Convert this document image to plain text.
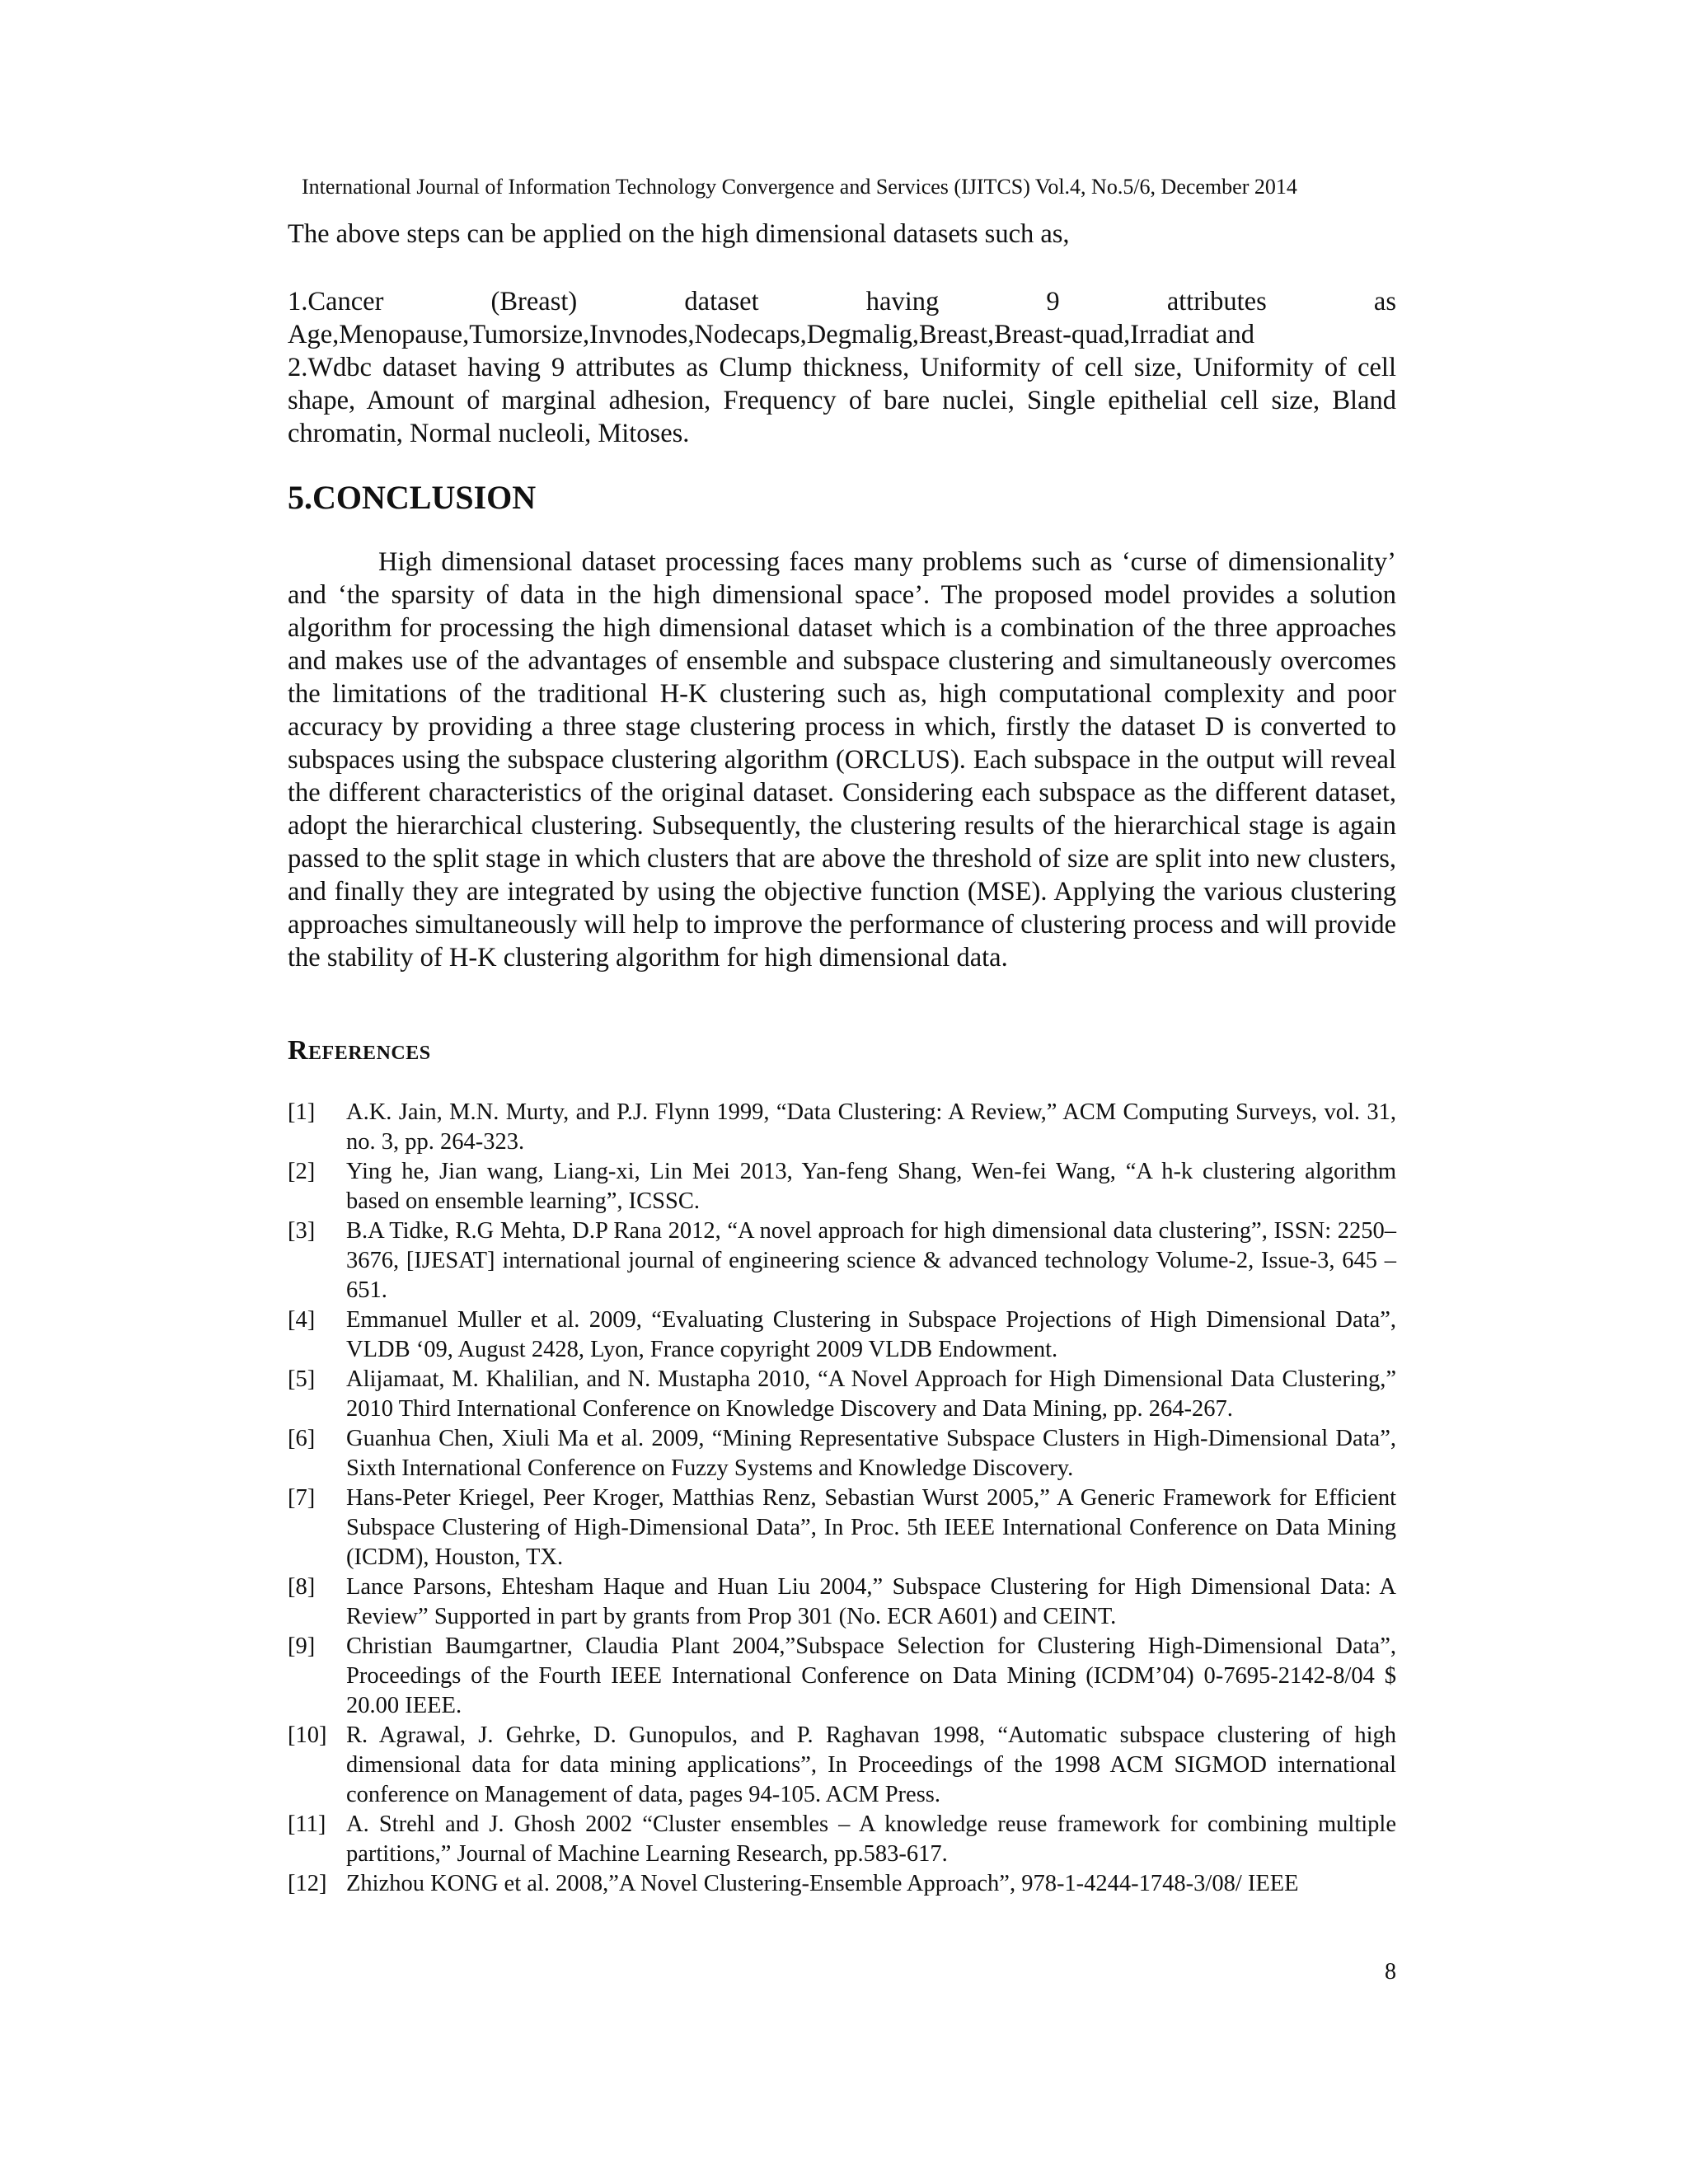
International Journal of Information Technology Convergence and Services (IJITCS) Vol.4, No.5/6, December 2014
The above steps can be applied on the high dimensional datasets such as,
1.Cancer (Breast) dataset having 9 attributes as
Age,Menopause,Tumorsize,Invnodes,Nodecaps,Degmalig,Breast,Breast-quad,Irradiat and
2.Wdbc dataset having 9 attributes as Clump thickness, Uniformity of cell size, Uniformity of cell shape, Amount of marginal adhesion, Frequency of bare nuclei, Single epithelial cell size, Bland chromatin, Normal nucleoli, Mitoses.
5.CONCLUSION
High dimensional dataset processing faces many problems such as ‘curse of dimensionality’ and ‘the sparsity of data in the high dimensional space’. The proposed model provides a solution algorithm for processing the high dimensional dataset which is a combination of the three approaches and makes use of the advantages of ensemble and subspace clustering and simultaneously overcomes the limitations of the traditional H-K clustering such as, high computational complexity and poor accuracy by providing a three stage clustering process in which, firstly the dataset D is converted to subspaces using the subspace clustering algorithm (ORCLUS). Each subspace in the output will reveal the different characteristics of the original dataset. Considering each subspace as the different dataset, adopt the hierarchical clustering. Subsequently, the clustering results of the hierarchical stage is again passed to the split stage in which clusters that are above the threshold of size are split into new clusters, and finally they are integrated by using the objective function (MSE). Applying the various clustering approaches simultaneously will help to improve the performance of clustering process and will provide the stability of H-K clustering algorithm for high dimensional data.
References
[1] A.K. Jain, M.N. Murty, and P.J. Flynn 1999, “Data Clustering: A Review,” ACM Computing Surveys, vol. 31, no. 3, pp. 264-323.
[2] Ying he, Jian wang, Liang-xi, Lin Mei 2013, Yan-feng Shang, Wen-fei Wang, “A h-k clustering algorithm based on ensemble learning”, ICSSC.
[3] B.A Tidke, R.G Mehta, D.P Rana 2012, “A novel approach for high dimensional data clustering”, ISSN: 2250–3676, [IJESAT] international journal of engineering science & advanced technology Volume-2, Issue-3, 645 – 651.
[4] Emmanuel Muller et al. 2009, “Evaluating Clustering in Subspace Projections of High Dimensional Data”, VLDB ‘09, August 2428, Lyon, France copyright 2009 VLDB Endowment.
[5] Alijamaat, M. Khalilian, and N. Mustapha 2010, “A Novel Approach for High Dimensional Data Clustering,” 2010 Third International Conference on Knowledge Discovery and Data Mining, pp. 264-267.
[6] Guanhua Chen, Xiuli Ma et al. 2009, “Mining Representative Subspace Clusters in High-Dimensional Data”, Sixth International Conference on Fuzzy Systems and Knowledge Discovery.
[7] Hans-Peter Kriegel, Peer Kroger, Matthias Renz, Sebastian Wurst 2005,” A Generic Framework for Efficient Subspace Clustering of High-Dimensional Data”, In Proc. 5th IEEE International Conference on Data Mining (ICDM), Houston, TX.
[8] Lance Parsons, Ehtesham Haque and Huan Liu 2004,” Subspace Clustering for High Dimensional Data: A Review” Supported in part by grants from Prop 301 (No. ECR A601) and CEINT.
[9] Christian Baumgartner, Claudia Plant 2004,”Subspace Selection for Clustering High-Dimensional Data”, Proceedings of the Fourth IEEE International Conference on Data Mining (ICDM’04) 0-7695-2142-8/04 $ 20.00 IEEE.
[10] R. Agrawal, J. Gehrke, D. Gunopulos, and P. Raghavan 1998, “Automatic subspace clustering of high dimensional data for data mining applications”, In Proceedings of the 1998 ACM SIGMOD international conference on Management of data, pages 94-105. ACM Press.
[11] A. Strehl and J. Ghosh 2002 “Cluster ensembles – A knowledge reuse framework for combining multiple partitions,” Journal of Machine Learning Research, pp.583-617.
[12] Zhizhou KONG et al. 2008,”A Novel Clustering-Ensemble Approach”, 978-1-4244-1748-3/08/ IEEE
8
